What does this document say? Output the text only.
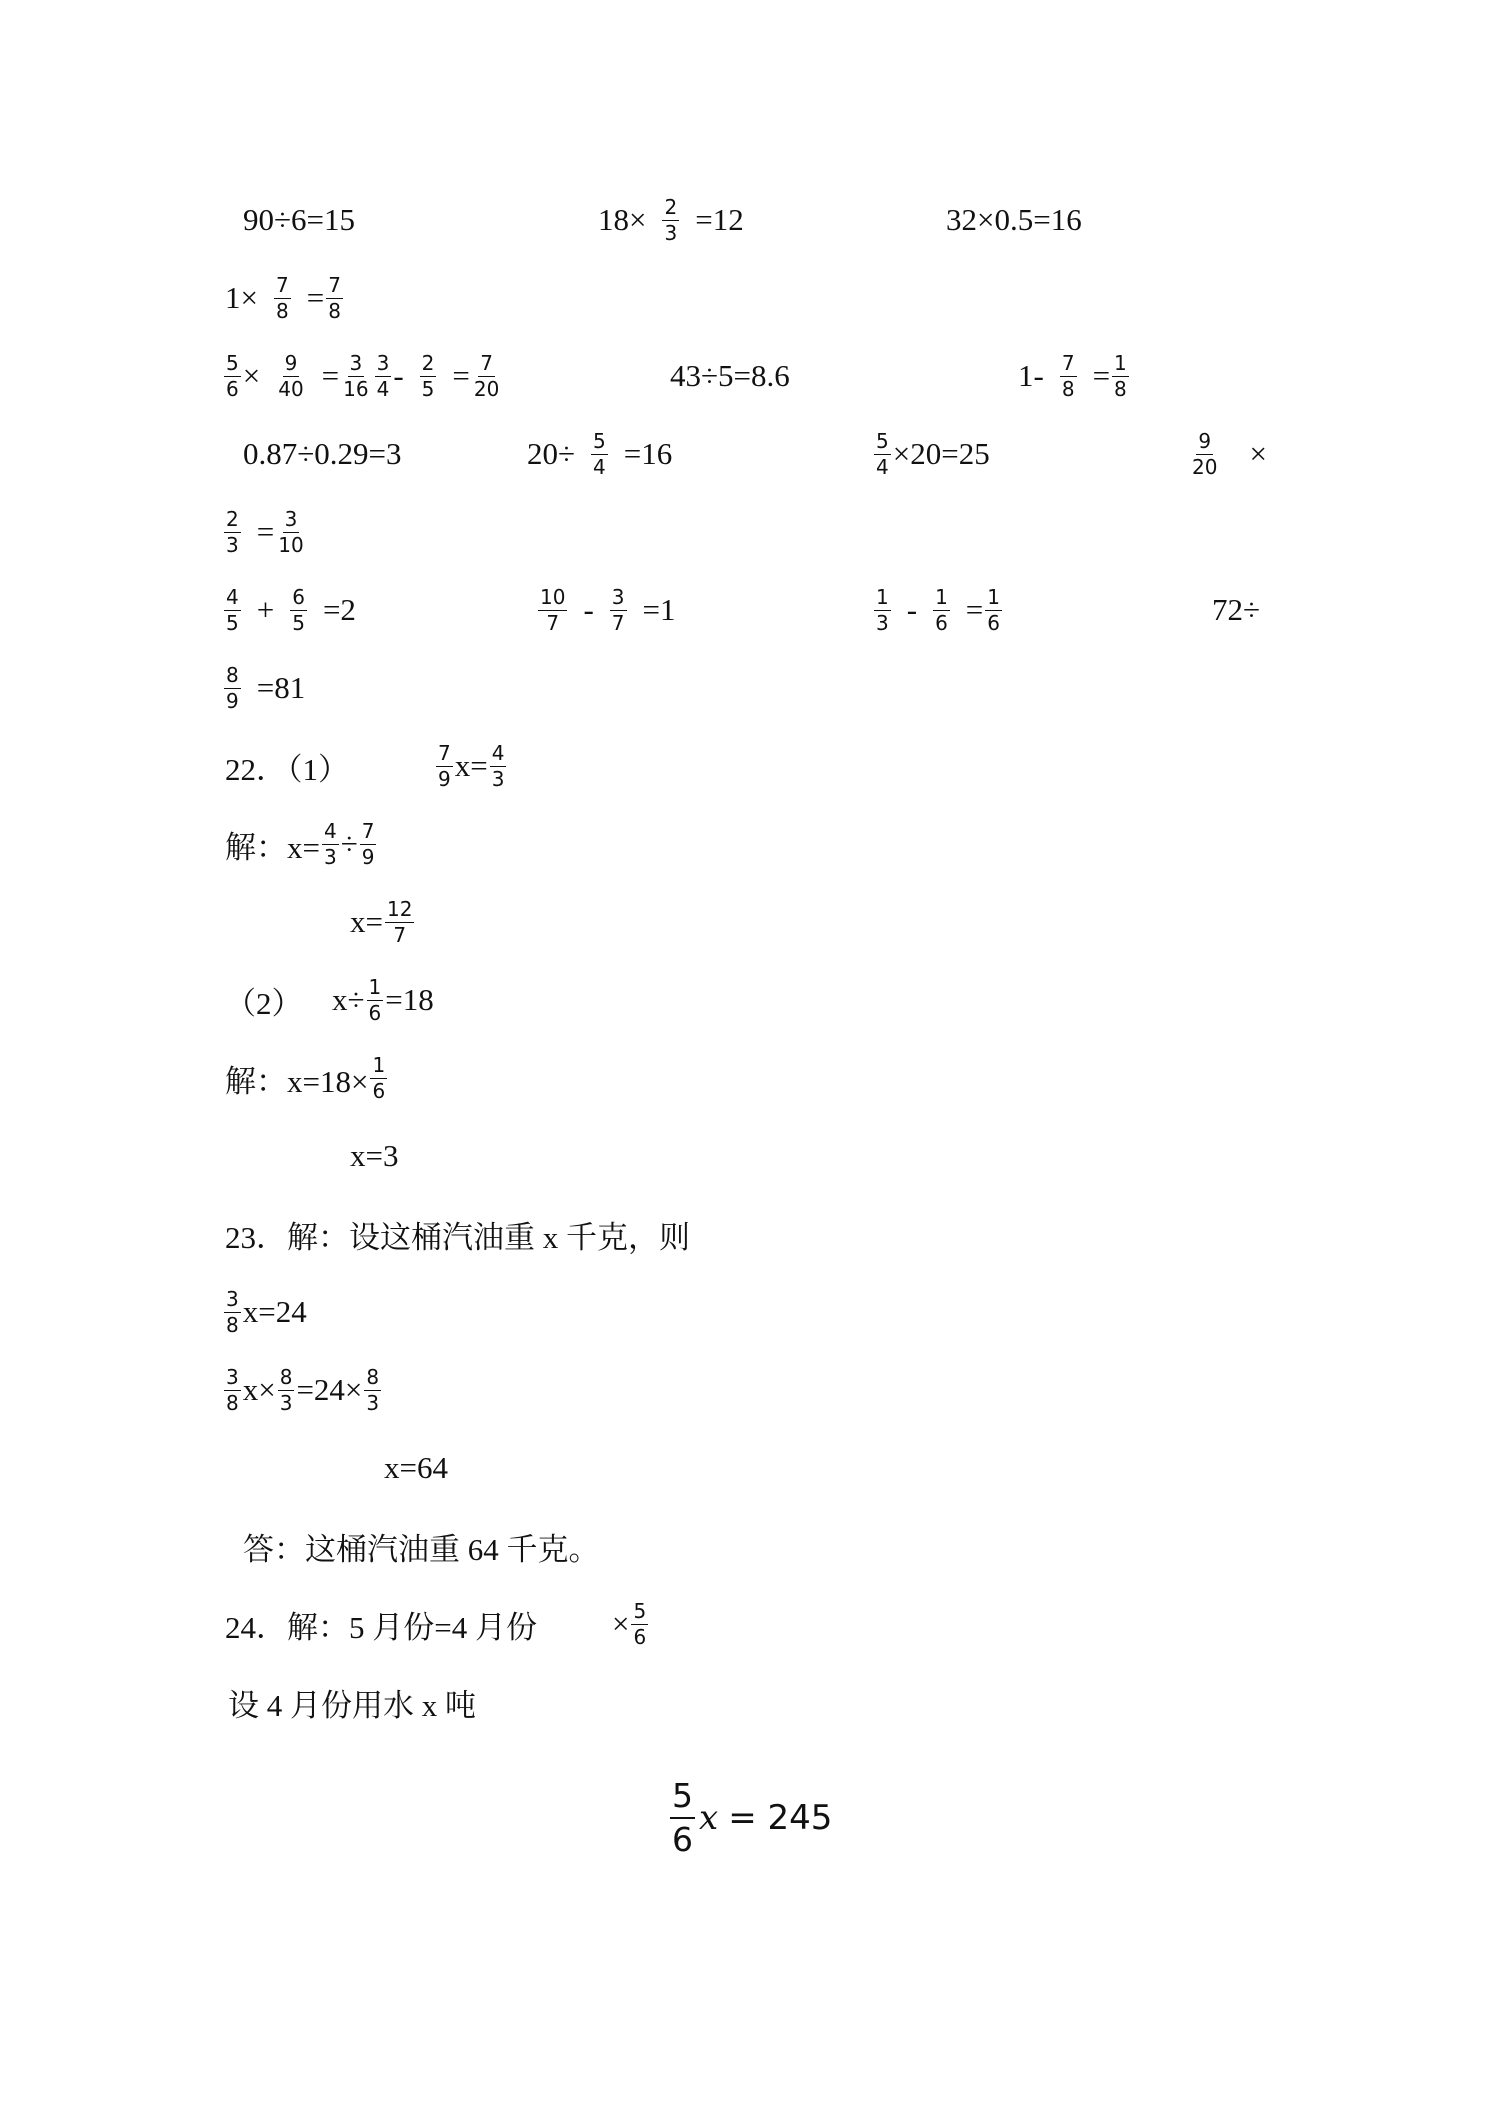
90÷6=15	$18\times \frac{2}{3} =12$	32×0.5=16
$1\times \frac{7}{8} = \frac{7}{8}$
$\frac{5}{6} \times \frac{9}{40} = \frac{3}{16} \frac{3}{4} - \frac{2}{5} = \frac{7}{20}$	43÷5=8.6	$1- \frac{7}{8} = \frac{1}{8}$
0.87÷0.29=3	$20\div \frac{5}{4} =16$	$\frac{5}{4} \times 20=25$	$\frac{9}{20}$ ×
$\frac{2}{3} = \frac{3}{10}$
$\frac{4}{5} + \frac{6}{5} =2$	$\frac{10}{7} - \frac{3}{7} =1$	$\frac{1}{3} - \frac{1}{6} = \frac{1}{6}$	72÷
$\frac{8}{9} =81$
22．（1）	$\frac{7}{9} x= \frac{4}{3}$
解：$x= \frac{4}{3} \div \frac{7}{9}$
$x= \frac{12}{7}$
（2） $x\div \frac{1}{6} =18$
解：$x=18\times \frac{1}{6}$
x=3
23．解：设这桶汽油重 x 千克，则
$\frac{3}{8} x=24$
$\frac{3}{8} x\times \frac{8}{3} =24\times \frac{8}{3}$
x=64
答：这桶汽油重 64 千克。
24．解：5 月份=4 月份 × $\frac{5}{6}$
设 4 月份用水 x 吨
$\frac{5}{6}$ x = 245
